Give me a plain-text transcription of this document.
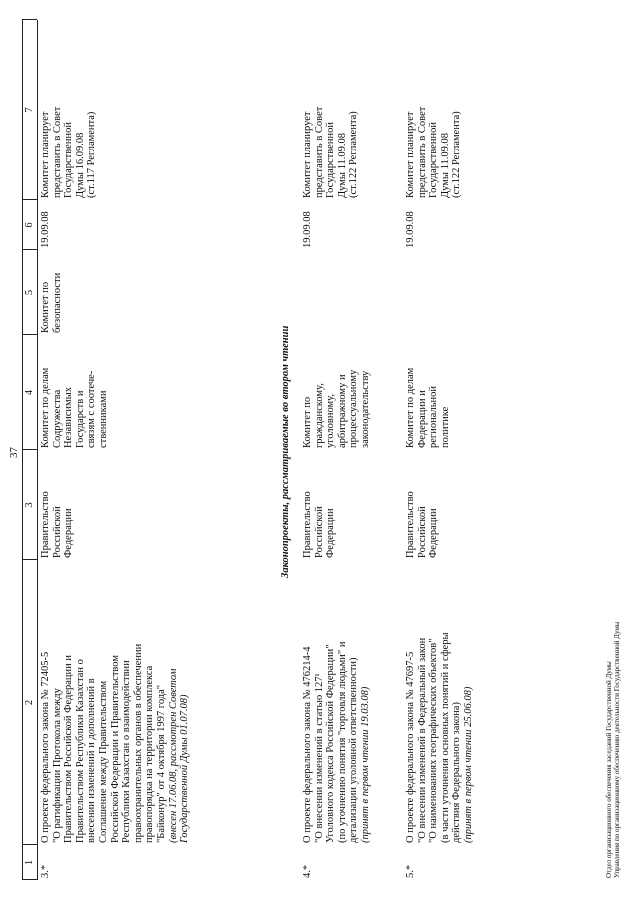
37
1
2
3
4
5
6
7
3.*
О проекте федерального закона № 72405-5 "О ратификации Протокола между Правительством Российской Федерации и Правительством Республики Казахстан о внесении изменений и дополнений в Соглашение между Правительством Российской Федерации и Правительством Республики Казахстан о взаимодействии правоохранительных органов в обеспечении правопорядка на территории комплекса "Байконур" от 4 октября 1997 года" (внесен 17.06.08, рассмотрен Советом Государственной Думы 01.07.08)
Правительство Российской Федерации
Комитет по делам Содружества Независимых Государств и связям с соотече- ственниками
Комитет по безопасности
19.09.08
Комитет планирует представить в Совет Государственной Думы 16.09.08 (ст.117 Регламента)
Законопроекты, рассматриваемые во втором чтении
4.*
О проекте федерального закона № 476214-4 "О внесении изменений в статью 127¹ Уголовного кодекса Российской Федерации" (по уточнению понятия "торговля людьми" и детализации уголовной ответственности) (принят в первом чтении 19.03.08)
Правительство Российской Федерации
Комитет по гражданскому, уголовному, арбитражному и процессуальному законодательству
19.09.08
Комитет планирует представить в Совет Государственной Думы 11.09.08 (ст.122 Регламента)
5.*
О проекте федерального закона № 47697-5 "О внесении изменений в Федеральный закон "О наименованиях географических объектов" (в части уточнения основных понятий и сферы действия Федерального закона) (принят в первом чтении 25.06.08)
Правительство Российской Федерации
Комитет по делам Федерации и региональной политике
19.09.08
Комитет планирует представить в Совет Государственной Думы 11.09.08 (ст.122 Регламента)
Отдел организационного обеспечения заседаний Государственной Думы Управления по организационному обеспечению деятельности Государственной Думы
